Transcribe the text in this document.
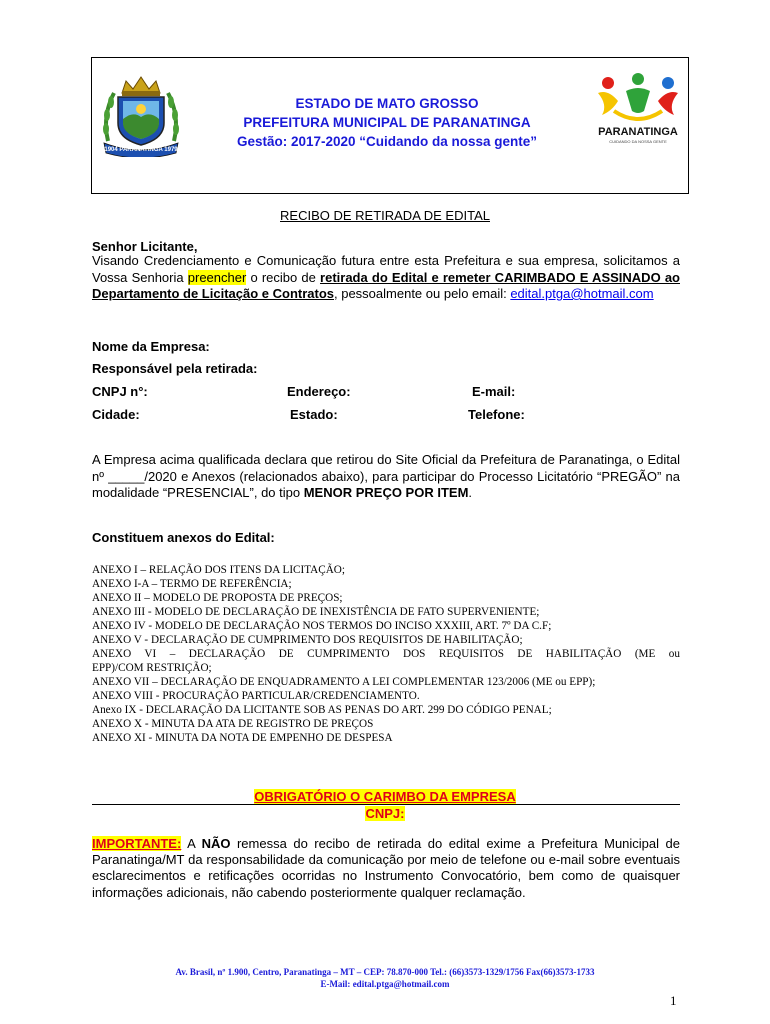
1904 PARANATINGA 1979
ESTADO DE MATO GROSSO
PREFEITURA MUNICIPAL DE PARANATINGA
Gestão: 2017-2020 “Cuidando da nossa gente”
PARANATINGA
CUIDANDO DA NOSSA GENTE
RECIBO DE RETIRADA DE EDITAL
Senhor Licitante,
Visando Credenciamento e Comunicação futura entre esta Prefeitura e sua empresa, solicitamos a Vossa Senhoria preencher o recibo de retirada do Edital e remeter CARIMBADO E ASSINADO ao Departamento de Licitação e Contratos, pessoalmente ou pelo email: edital.ptga@hotmail.com
Nome da Empresa:
Responsável pela retirada:
CNPJ n°:	Endereço:	E-mail:
Cidade:	Estado:	Telefone:
A Empresa acima qualificada declara que retirou do Site Oficial da Prefeitura de Paranatinga, o Edital nº _____/2020 e Anexos (relacionados abaixo), para participar do Processo Licitatório “PREGÃO” na modalidade “PRESENCIAL”, do tipo MENOR PREÇO POR ITEM.
Constituem anexos do Edital:
ANEXO I – RELAÇÃO DOS ITENS DA LICITAÇÃO;
ANEXO I-A – TERMO DE REFERÊNCIA;
ANEXO II – MODELO DE PROPOSTA DE PREÇOS;
ANEXO III - MODELO DE DECLARAÇÃO DE INEXISTÊNCIA DE FATO SUPERVENIENTE;
ANEXO IV - MODELO DE DECLARAÇÃO NOS TERMOS DO INCISO XXXIII, ART. 7º DA C.F;
ANEXO V - DECLARAÇÃO DE CUMPRIMENTO DOS REQUISITOS DE HABILITAÇÃO;
ANEXO VI – DECLARAÇÃO DE CUMPRIMENTO DOS REQUISITOS DE HABILITAÇÃO (ME ou
EPP)/COM RESTRIÇÃO;
ANEXO VII – DECLARAÇÃO DE ENQUADRAMENTO A LEI COMPLEMENTAR 123/2006 (ME ou EPP);
ANEXO VIII - PROCURAÇÃO PARTICULAR/CREDENCIAMENTO.
Anexo IX - DECLARAÇÃO DA LICITANTE SOB AS PENAS DO ART. 299 DO CÓDIGO PENAL;
ANEXO X - MINUTA DA ATA DE REGISTRO DE PREÇOS
ANEXO XI - MINUTA DA NOTA DE EMPENHO DE DESPESA
OBRIGATÓRIO O CARIMBO DA EMPRESA
CNPJ:
IMPORTANTE: A NÃO remessa do recibo de retirada do edital exime a Prefeitura Municipal de Paranatinga/MT da responsabilidade da comunicação por meio de telefone ou e-mail sobre eventuais esclarecimentos e retificações ocorridas no Instrumento Convocatório, bem como de quaisquer informações adicionais, não cabendo posteriormente qualquer reclamação.
Av. Brasil, nº 1.900, Centro, Paranatinga – MT – CEP: 78.870-000 Tel.: (66)3573-1329/1756 Fax(66)3573-1733
E-Mail: edital.ptga@hotmail.com
1
